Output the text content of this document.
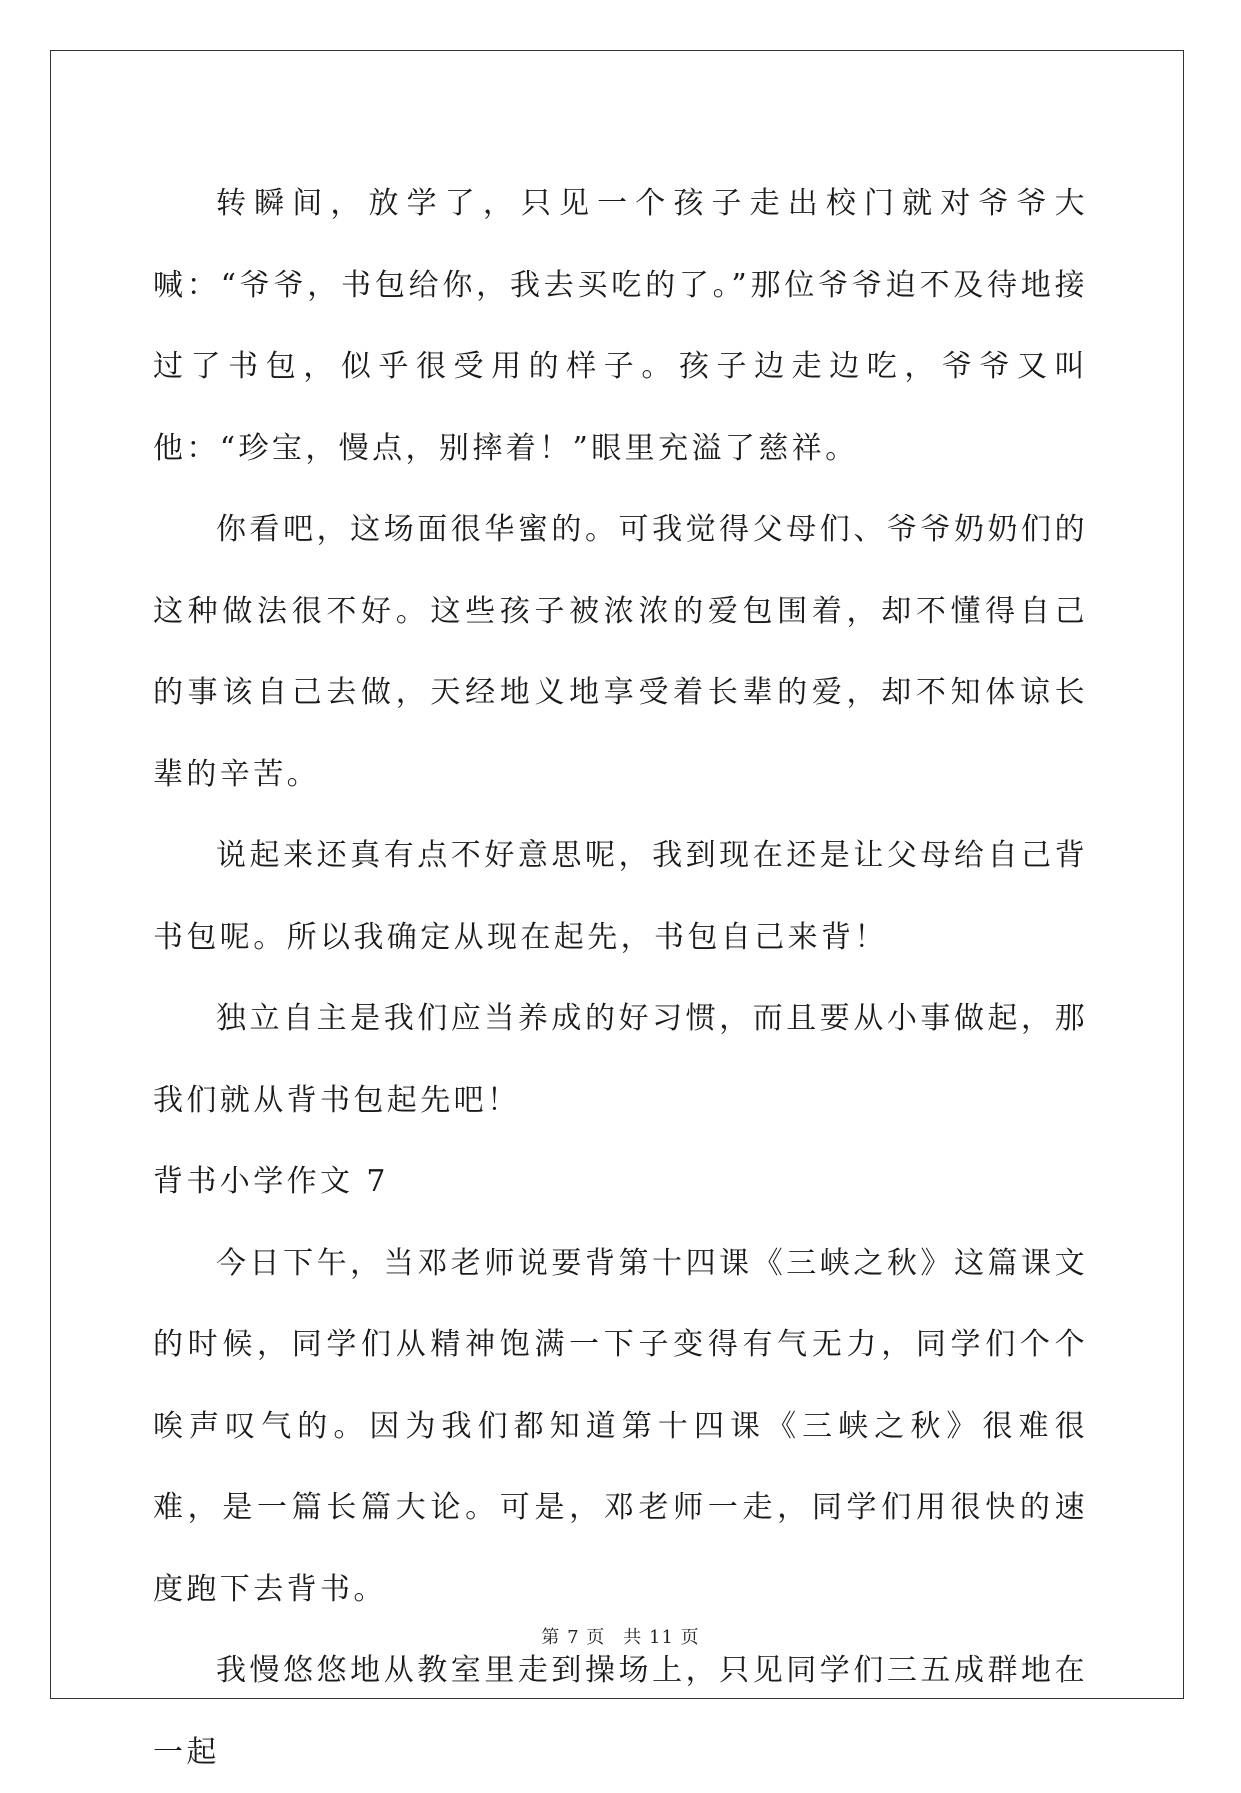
转瞬间，放学了，只见一个孩子走出校门就对爷爷大喊：“爷爷，书包给你，我去买吃的了。”那位爷爷迫不及待地接过了书包，似乎很受用的样子。孩子边走边吃，爷爷又叫他：“珍宝，慢点，别摔着！”眼里充溢了慈祥。

你看吧，这场面很华蜜的。可我觉得父母们、爷爷奶奶们的这种做法很不好。这些孩子被浓浓的爱包围着，却不懂得自己的事该自己去做，天经地义地享受着长辈的爱，却不知体谅长辈的辛苦。

说起来还真有点不好意思呢，我到现在还是让父母给自己背书包呢。所以我确定从现在起先，书包自己来背！

独立自主是我们应当养成的好习惯，而且要从小事做起，那我们就从背书包起先吧！

背书小学作文 7

今日下午，当邓老师说要背第十四课《三峡之秋》这篇课文的时候，同学们从精神饱满一下子变得有气无力，同学们个个唉声叹气的。因为我们都知道第十四课《三峡之秋》很难很难，是一篇长篇大论。可是，邓老师一走，同学们用很快的速度跑下去背书。

我慢悠悠地从教室里走到操场上，只见同学们三五成群地在一起

第 7 页 共 11 页
